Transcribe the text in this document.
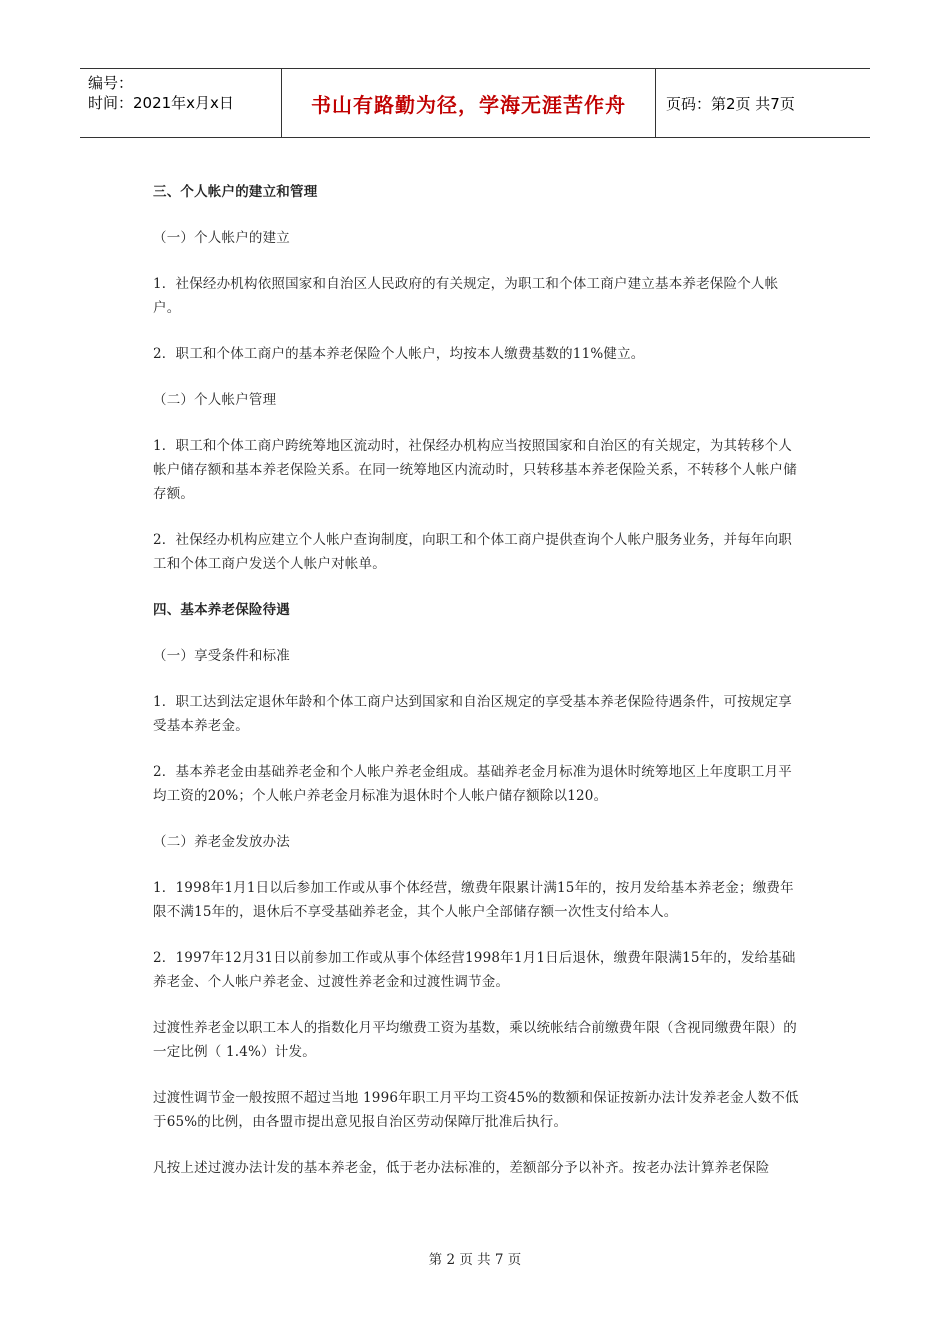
编号：
时间：2021年x月x日	书山有路勤为径，学海无涯苦作舟	页码：第2页 共7页
三、个人帐户的建立和管理
（一）个人帐户的建立
1．社保经办机构依照国家和自治区人民政府的有关规定，为职工和个体工商户建立基本养老保险个人帐户。
2．职工和个体工商户的基本养老保险个人帐户，均按本人缴费基数的11%健立。
（二）个人帐户管理
1．职工和个体工商户跨统筹地区流动时，社保经办机构应当按照国家和自治区的有关规定，为其转移个人帐户储存额和基本养老保险关系。在同一统筹地区内流动时，只转移基本养老保险关系，不转移个人帐户储存额。
2．社保经办机构应建立个人帐户查询制度，向职工和个体工商户提供查询个人帐户服务业务，并每年向职工和个体工商户发送个人帐户对帐单。
四、基本养老保险待遇
（一）享受条件和标准
1．职工达到法定退休年龄和个体工商户达到国家和自治区规定的享受基本养老保险待遇条件，可按规定享受基本养老金。
2．基本养老金由基础养老金和个人帐户养老金组成。基础养老金月标准为退休时统筹地区上年度职工月平均工资的20%；个人帐户养老金月标准为退休时个人帐户储存额除以120。
（二）养老金发放办法
1．1998年1月1日以后参加工作或从事个体经营，缴费年限累计满15年的，按月发给基本养老金；缴费年限不满15年的，退休后不享受基础养老金，其个人帐户全部储存额一次性支付给本人。
2．1997年12月31日以前参加工作或从事个体经营1998年1月1日后退休，缴费年限满15年的，发给基础养老金、个人帐户养老金、过渡性养老金和过渡性调节金。
过渡性养老金以职工本人的指数化月平均缴费工资为基数，乘以统帐结合前缴费年限（含视同缴费年限）的一定比例（ 1.4%）计发。
过渡性调节金一般按照不超过当地 1996年职工月平均工资45%的数额和保证按新办法计发养老金人数不低于65%的比例，由各盟市提出意见报自治区劳动保障厅批准后执行。
凡按上述过渡办法计发的基本养老金，低于老办法标准的，差额部分予以补齐。按老办法计算养老保险
第 2 页 共 7 页
